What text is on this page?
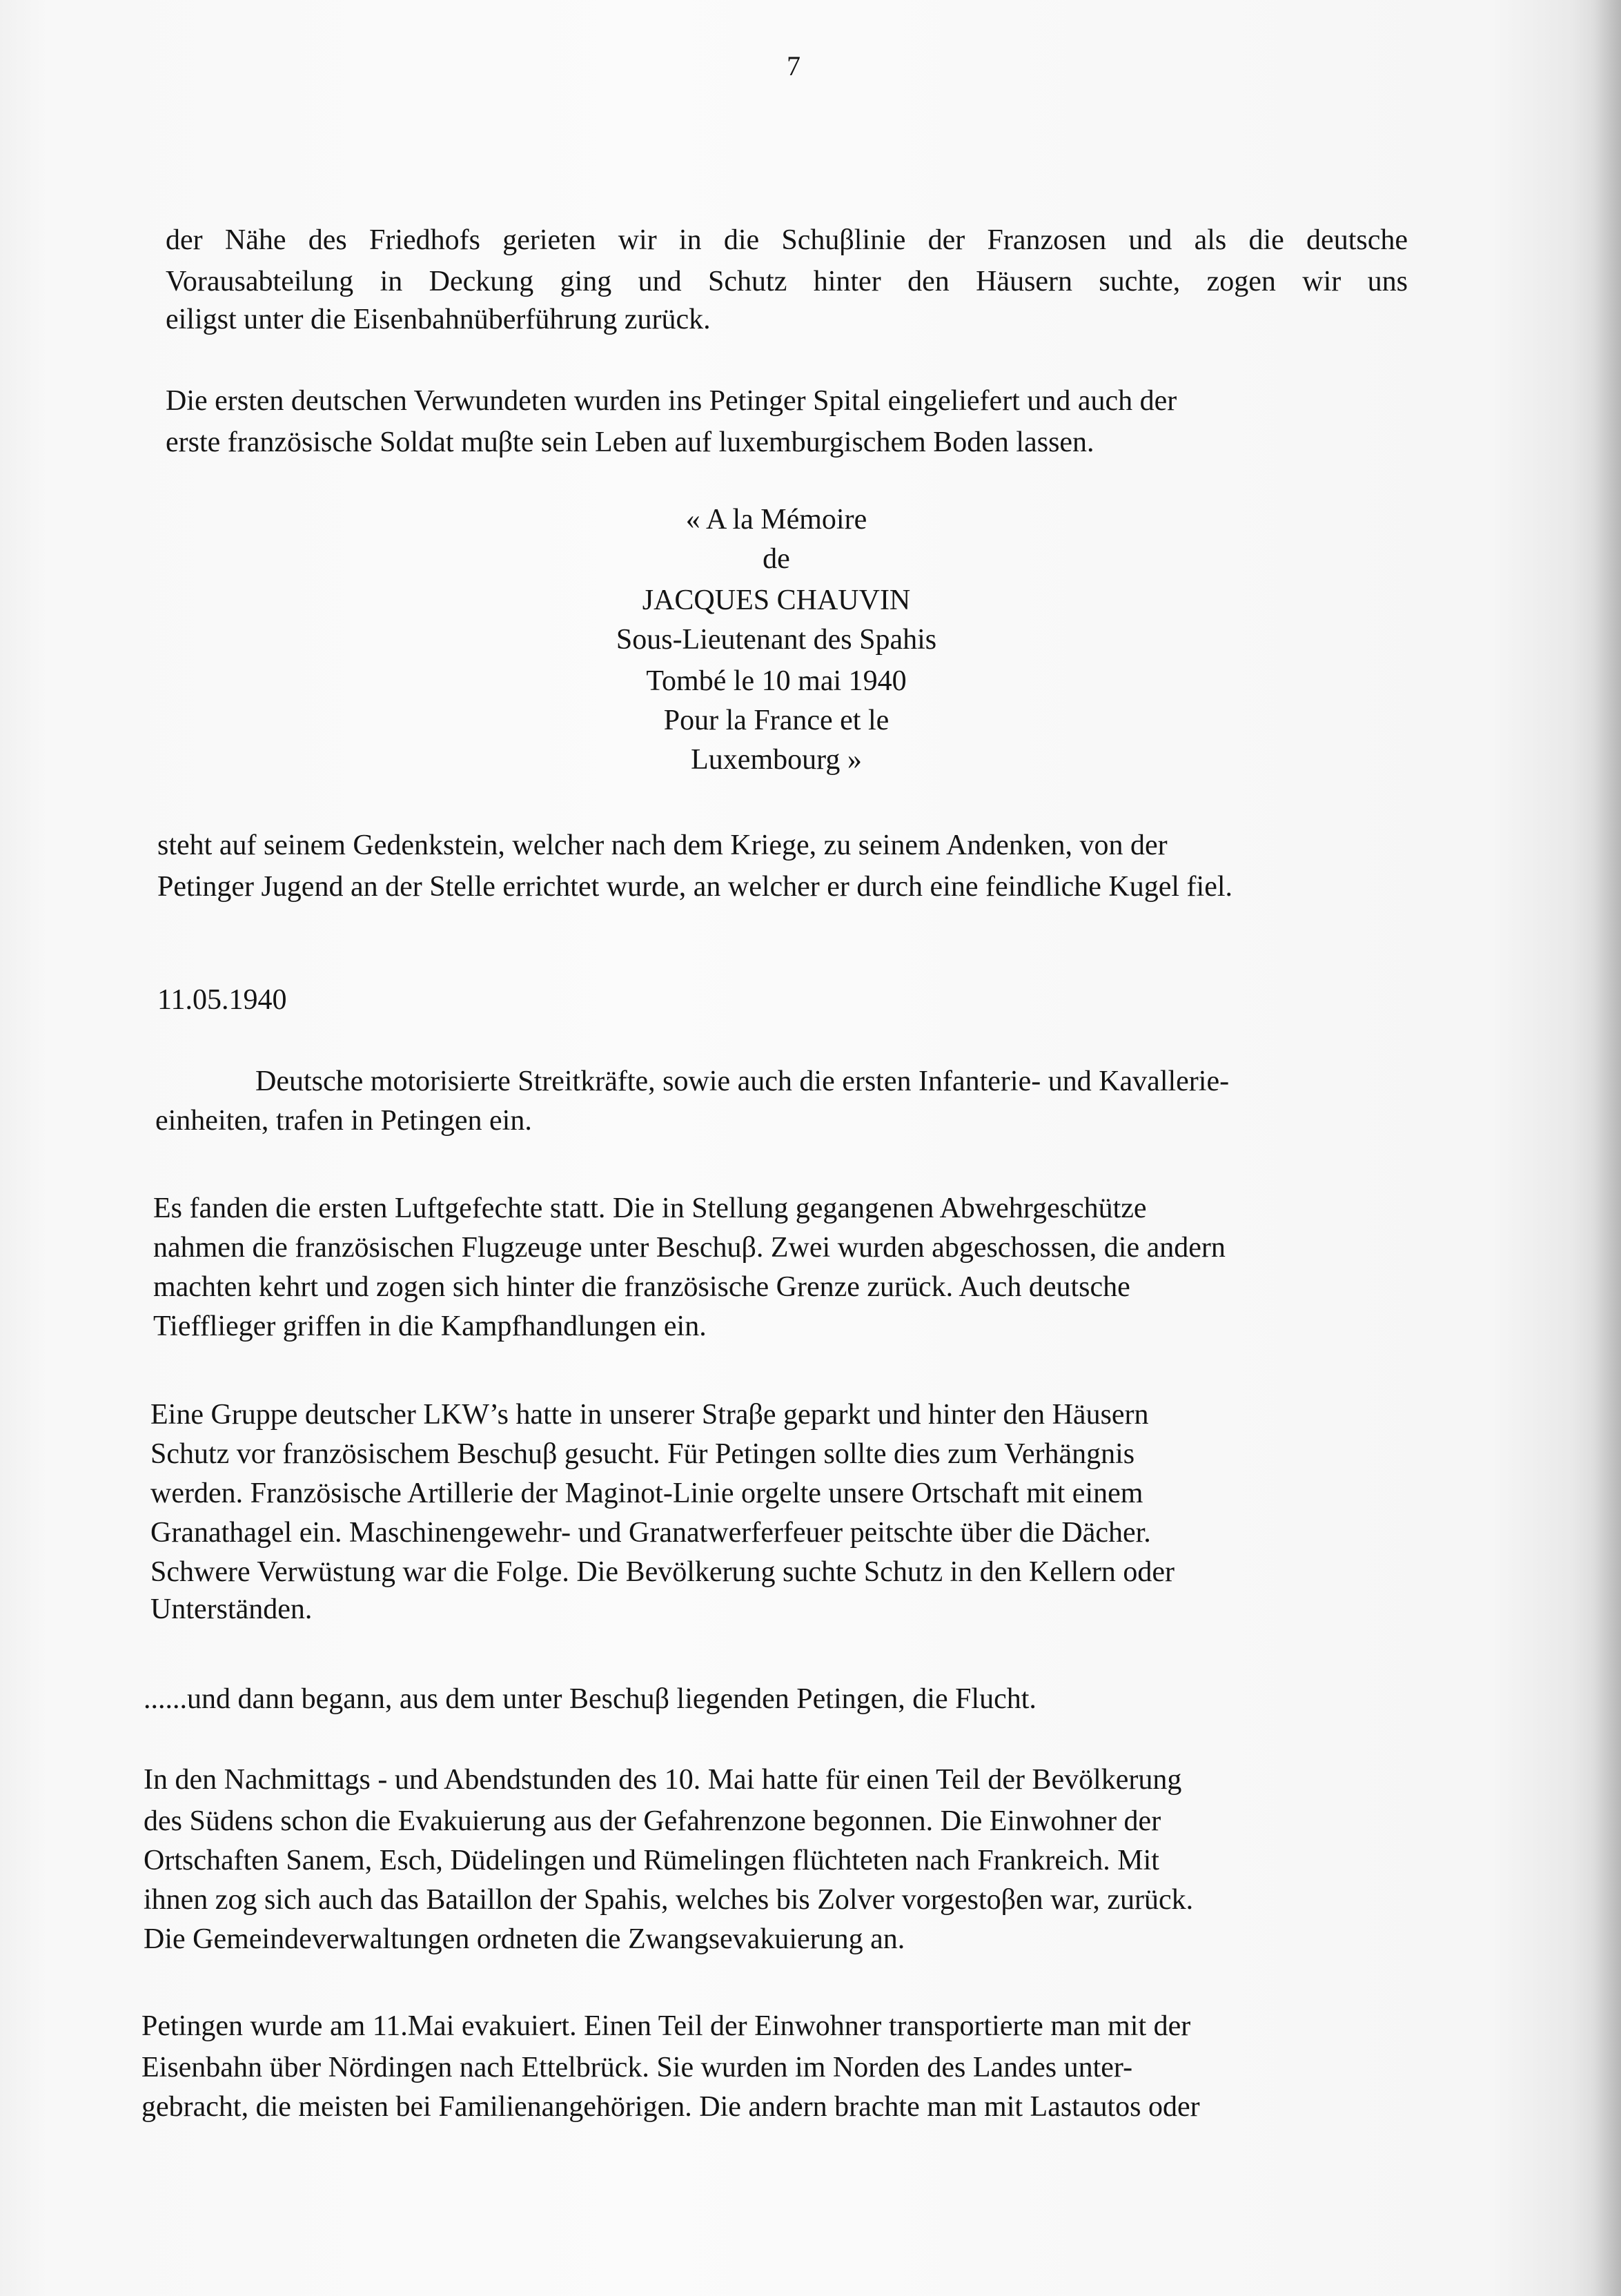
7
der Nähe des Friedhofs gerieten wir in die Schuβlinie der Franzosen und als die deutsche
Vorausabteilung in Deckung ging und Schutz hinter den Häusern suchte, zogen wir uns
eiligst unter die Eisenbahnüberführung zurück.
Die ersten deutschen Verwundeten wurden ins Petinger Spital eingeliefert und auch der
erste französische Soldat muβte sein Leben auf luxemburgischem Boden lassen.
« A la Mémoire
de
JACQUES CHAUVIN
Sous-Lieutenant des Spahis
Tombé le 10 mai 1940
Pour la France et le
Luxembourg »
steht auf seinem Gedenkstein, welcher nach dem Kriege, zu seinem Andenken, von der
Petinger Jugend an der Stelle errichtet wurde, an welcher er durch eine feindliche Kugel fiel.
11.05.1940
Deutsche motorisierte Streitkräfte, sowie auch die ersten Infanterie- und Kavallerie-
einheiten, trafen in Petingen ein.
Es fanden die ersten Luftgefechte statt. Die in Stellung gegangenen Abwehrgeschütze
nahmen die französischen Flugzeuge unter Beschuβ. Zwei wurden abgeschossen, die andern
machten kehrt und zogen sich hinter die französische Grenze zurück. Auch deutsche
Tiefflieger griffen in die Kampfhandlungen ein.
Eine Gruppe deutscher LKW’s hatte in unserer Straβe geparkt und hinter den Häusern
Schutz vor französischem Beschuβ gesucht. Für Petingen sollte dies zum Verhängnis
werden. Französische Artillerie der Maginot-Linie orgelte unsere Ortschaft mit einem
Granathagel ein. Maschinengewehr- und Granatwerferfeuer peitschte über die Dächer.
Schwere Verwüstung war die Folge. Die Bevölkerung suchte Schutz in den Kellern oder
Unterständen.
......und dann begann, aus dem unter Beschuβ liegenden Petingen, die Flucht.
In den Nachmittags - und Abendstunden des 10. Mai hatte für einen Teil der Bevölkerung
des Südens schon die Evakuierung aus der Gefahrenzone begonnen. Die Einwohner der
Ortschaften Sanem, Esch, Düdelingen und Rümelingen flüchteten nach Frankreich. Mit
ihnen zog sich auch das Bataillon der Spahis, welches bis Zolver vorgestoβen war, zurück.
Die Gemeindeverwaltungen ordneten die Zwangsevakuierung an.
Petingen wurde am 11.Mai evakuiert. Einen Teil der Einwohner transportierte man mit der
Eisenbahn über Nördingen nach Ettelbrück. Sie wurden im Norden des Landes unter-
gebracht, die meisten bei Familienangehörigen. Die andern brachte man mit Lastautos oder
